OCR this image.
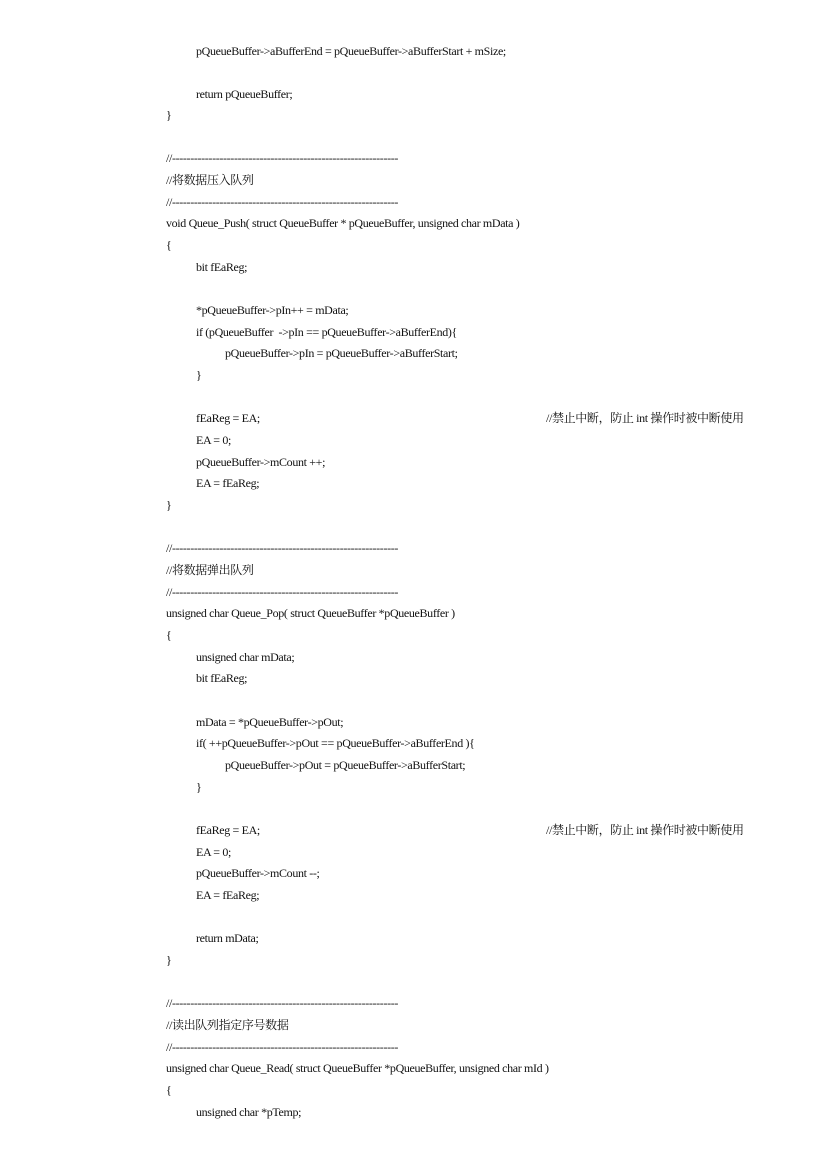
pQueueBuffer->aBufferEnd = pQueueBuffer->aBufferStart + mSize;
return pQueueBuffer;
}
//--------------------------------------------------------------
//将数据压入队列
//--------------------------------------------------------------
void Queue_Push( struct QueueBuffer * pQueueBuffer, unsigned char mData )
{
bit fEaReg;
*pQueueBuffer->pIn++ = mData;
if (pQueueBuffer  ->pIn == pQueueBuffer->aBufferEnd){
pQueueBuffer->pIn = pQueueBuffer->aBufferStart;
}
fEaReg = EA;	//禁止中断，防止 int 操作时被中断使用
EA = 0;
pQueueBuffer->mCount ++;
EA = fEaReg;
}
//--------------------------------------------------------------
//将数据弹出队列
//--------------------------------------------------------------
unsigned char Queue_Pop( struct QueueBuffer *pQueueBuffer )
{
unsigned char mData;
bit fEaReg;
mData = *pQueueBuffer->pOut;
if( ++pQueueBuffer->pOut == pQueueBuffer->aBufferEnd ){
pQueueBuffer->pOut = pQueueBuffer->aBufferStart;
}
fEaReg = EA;	//禁止中断，防止 int 操作时被中断使用
EA = 0;
pQueueBuffer->mCount --;
EA = fEaReg;
return mData;
}
//--------------------------------------------------------------
//读出队列指定序号数据
//--------------------------------------------------------------
unsigned char Queue_Read( struct QueueBuffer *pQueueBuffer, unsigned char mId )
{
unsigned char *pTemp;
